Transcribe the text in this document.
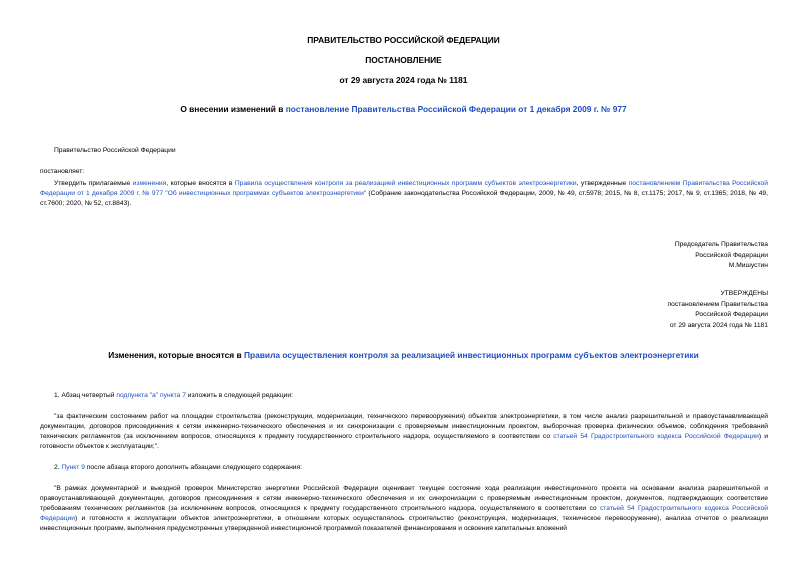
ПРАВИТЕЛЬСТВО РОССИЙСКОЙ ФЕДЕРАЦИИ
ПОСТАНОВЛЕНИЕ
от 29 августа 2024 года № 1181
О внесении изменений в постановление Правительства Российской Федерации от 1 декабря 2009 г. № 977
Правительство Российской Федерации
постановляет:
Утвердить прилагаемые изменения, которые вносятся в Правила осуществления контроля за реализацией инвестиционных программ субъектов электроэнергетики, утвержденные постановлением Правительства Российской Федерации от 1 декабря 2009 г. № 977 "Об инвестиционных программах субъектов электроэнергетики" (Собрание законодательства Российской Федерации, 2009, № 49, ст.5978; 2015, № 8, ст.1175; 2017, № 9, ст.1365; 2018, № 49, ст.7600; 2020, № 52, ст.8843).
Председатель Правительства
Российской Федерации
М.Мишустин
УТВЕРЖДЕНЫ
постановлением Правительства
Российской Федерации
от 29 августа 2024 года № 1181
Изменения, которые вносятся в Правила осуществления контроля за реализацией инвестиционных программ субъектов электроэнергетики
1. Абзац четвертый подпункта "а" пункта 7 изложить в следующей редакции:
"за фактическим состоянием работ на площадке строительства (реконструкции, модернизации, технического перевооружения) объектов электроэнергетики, в том числе анализ разрешительной и правоустанавливающей документации, договоров присоединения к сетям инженерно-технического обеспечения и их синхронизации с проверяемым инвестиционным проектом, выборочная проверка физических объемов, соблюдения требований технических регламентов (за исключением вопросов, относящихся к предмету государственного строительного надзора, осуществляемого в соответствии со статьей 54 Градостроительного кодекса Российской Федерации) и готовности объектов к эксплуатации;".
2. Пункт 9 после абзаца второго дополнить абзацами следующего содержания:
"В рамках документарной и выездной проверок Министерство энергетики Российской Федерации оценивает текущее состояние хода реализации инвестиционного проекта на основании анализа разрешительной и правоустанавливающей документации, договоров присоединения к сетям инженерно-технического обеспечения и их синхронизации с проверяемым инвестиционным проектом, документов, подтверждающих соответствие требованиям технических регламентов (за исключением вопросов, относящихся к предмету государственного строительного надзора, осуществляемого в соответствии со статьей 54 Градостроительного кодекса Российской Федерации) и готовности к эксплуатации объектов электроэнергетики, в отношении которых осуществлялось строительство (реконструкция, модернизация, техническое перевооружение), анализа отчетов о реализации инвестиционных программ, выполнения предусмотренных утвержденной инвестиционной программой показателей финансирования и освоения капитальных вложений
